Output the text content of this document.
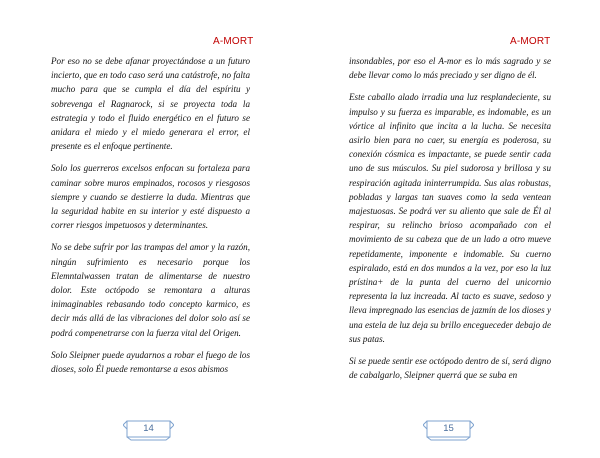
A-MORT

Por eso no se debe afanar proyectándose a un futuro incierto, que en todo caso será una catástrofe, no falta mucho para que se cumpla el día del espíritu y sobrevenga el Ragnarock, si se proyecta toda la estrategia y todo el fluido energético en el futuro se anidara el miedo y el miedo generara el error, el presente es el enfoque pertinente.

Solo los guerreros excelsos enfocan su fortaleza para caminar sobre muros empinados, rocosos y riesgosos siempre y cuando se destierre la duda. Mientras que la seguridad habite en su interior y esté dispuesto a correr riesgos impetuosos y determinantes.

No se debe sufrir por las trampas del amor y la razón, ningún sufrimiento es necesario porque los Elemntalwassen tratan de alimentarse de nuestro dolor. Este octópodo se remontara a alturas inimaginables rebasando todo concepto karmico, es decir más allá de las vibraciones del dolor solo así se podrá compenetrarse con la fuerza vital del Origen.

Solo Sleipner puede ayudarnos a robar el fuego de los dioses, solo Él puede remontarse a esos abismos

14
A-MORT

insondables, por eso el A-mor es lo más sagrado y se debe llevar como lo más preciado y ser digno de él.

Este caballo alado irradia una luz resplandeciente, su impulso y su fuerza es imparable, es indomable, es un vórtice al infinito que incita a la lucha. Se necesita asirlo bien para no caer, su energía es poderosa, su conexión cósmica es impactante, se puede sentir cada uno de sus músculos. Su piel sudorosa y brillosa y su respiración agitada ininterrumpida. Sus alas robustas, pobladas y largas tan suaves como la seda ventean majestuosas. Se podrá ver su aliento que sale de Él al respirar, su relincho brioso acompañado con el movimiento de su cabeza que de un lado a otro mueve repetidamente, imponente e indomable. Su cuerno espiralado, está en dos mundos a la vez, por eso la luz prístina+ de la punta del cuerno del unicornio representa la luz increada. Al tacto es suave, sedoso y lleva impregnado las esencias de jazmín de los dioses y una estela de luz deja su brillo encegueceder debajo de sus patas.

Si se puede sentir ese octópodo dentro de sí, será digno de cabalgarlo, Sleipner querrá que se suba en

15
